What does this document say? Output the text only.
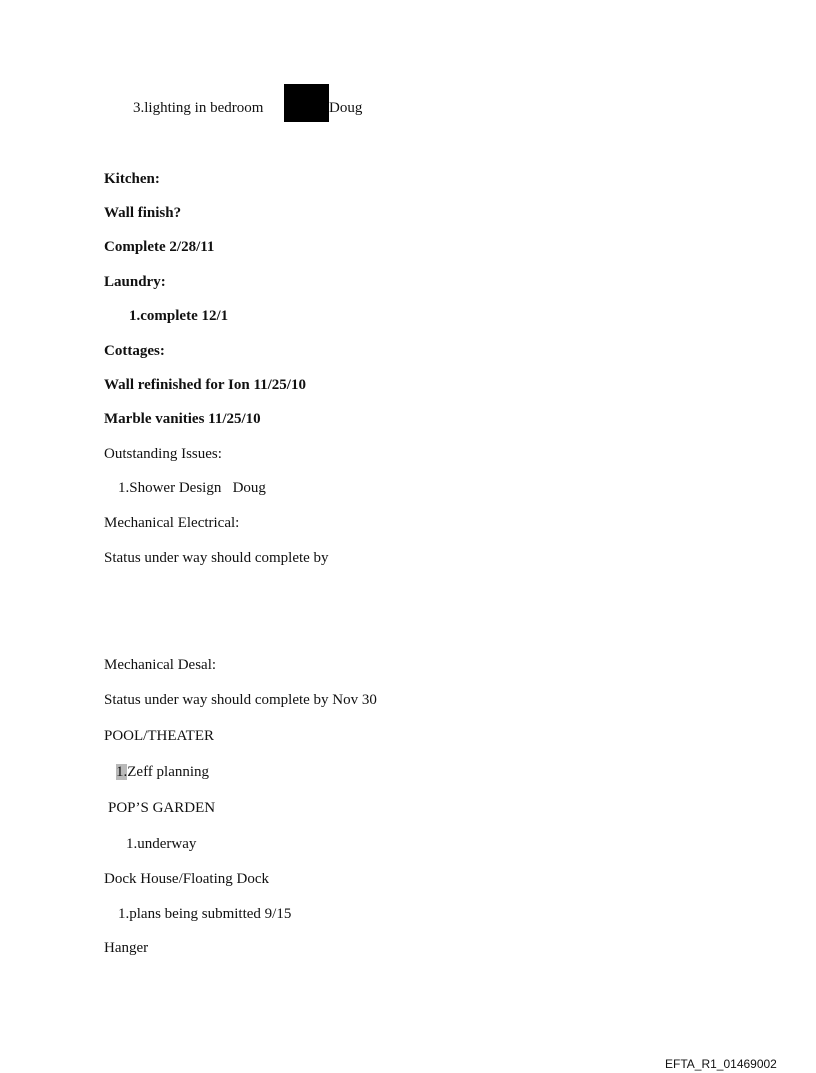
3.lighting in bedroom	Doug
Kitchen:
Wall finish?
Complete 2/28/11
Laundry:
1.complete 12/1
Cottages:
Wall refinished for Ion 11/25/10
Marble vanities 11/25/10
Outstanding Issues:
1.Shower Design   Doug
Mechanical Electrical:
Status under way should complete by
Mechanical Desal:
Status under way should complete by Nov 30
POOL/THEATER
1.Zeff planning
POP’S GARDEN
1.underway
Dock House/Floating Dock
1.plans being submitted 9/15
Hanger
EFTA_R1_01469002
